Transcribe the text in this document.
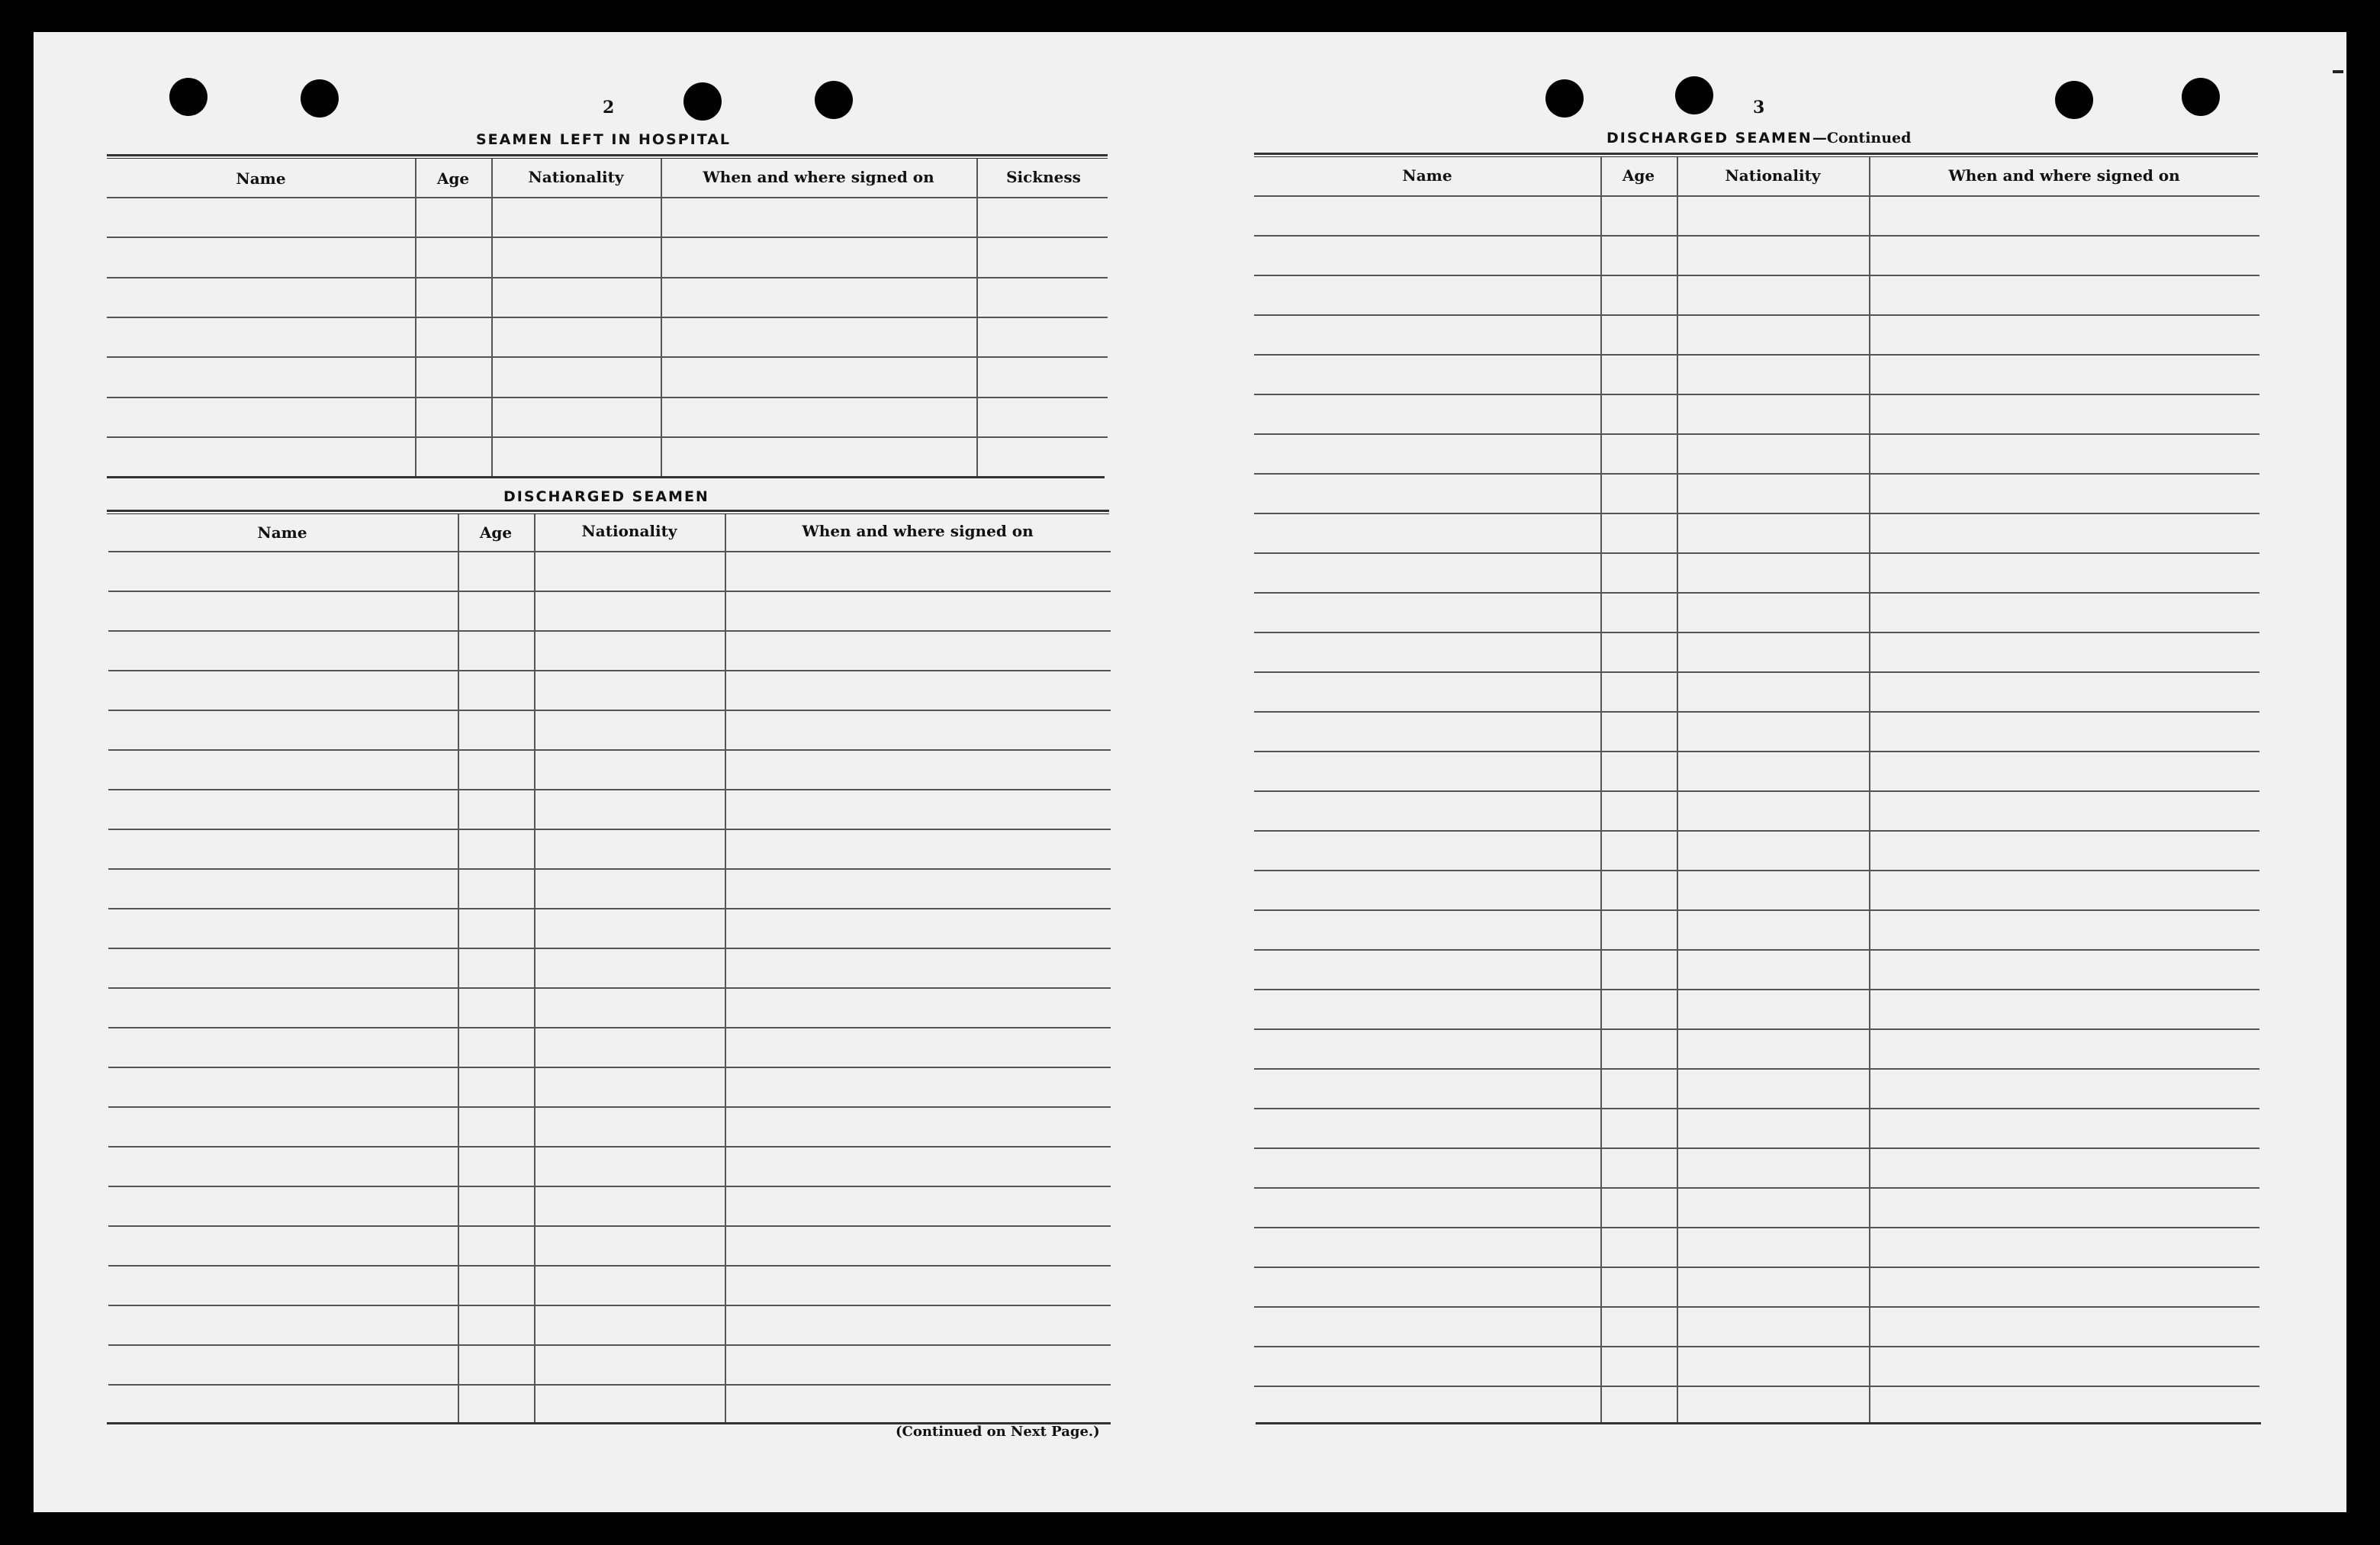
2
SEAMEN LEFT IN HOSPITAL
Name	Age	Nationality	When and where signed on	Sickness
DISCHARGED SEAMEN
Name	Age	Nationality	When and where signed on
(Continued on Next Page.)
3
DISCHARGED SEAMEN—Continued
Name	Age	Nationality	When and where signed on
